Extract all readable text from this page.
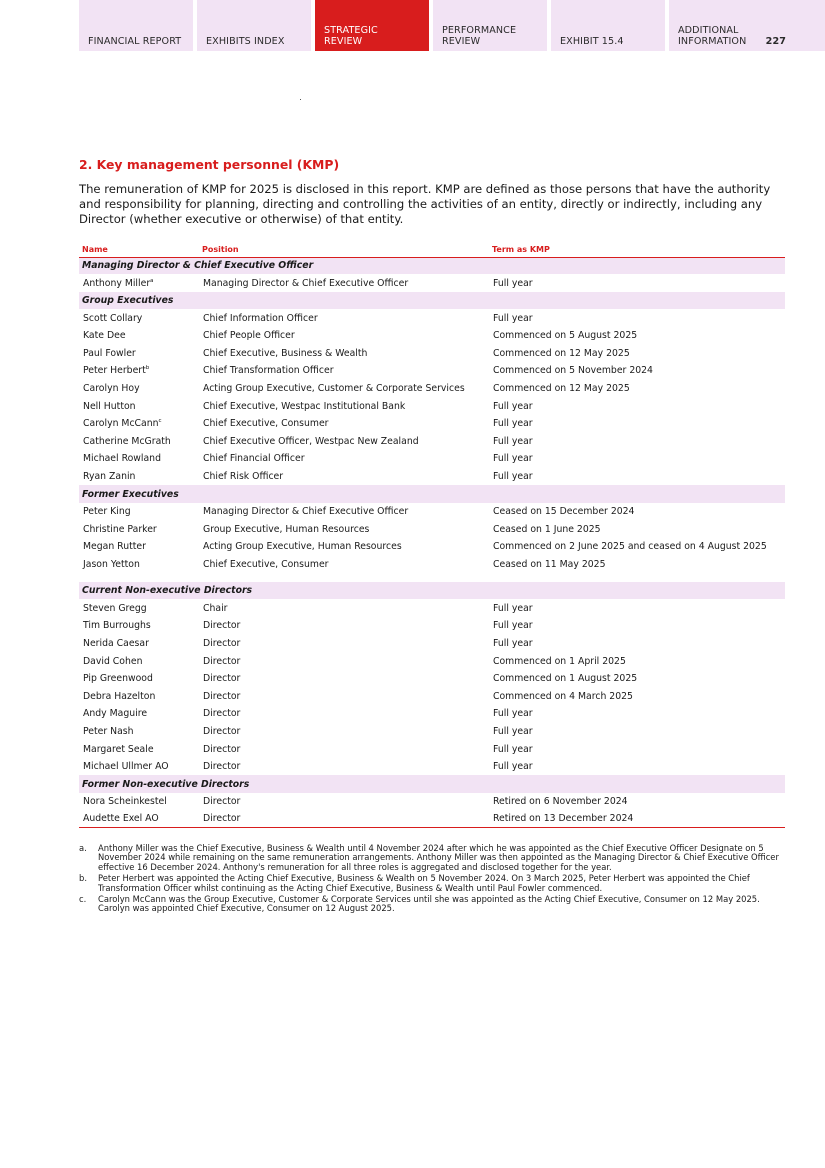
FINANCIAL REPORT	EXHIBITS INDEX
STRATEGIC
REVIEW
PERFORMANCE
REVIEW	EXHIBIT 15.4
ADDITIONAL
INFORMATION 227
2. Key management personnel (KMP)

The remuneration of KMP for 2025 is disclosed in this report. KMP are defined as those persons that have the authority and responsibility for planning, directing and controlling the activities of an entity, directly or indirectly, including any Director (whether executive or otherwise) of that entity.

Name	Position	Term as KMP
Managing Director & Chief Executive Officer		
Anthony Miller$^a$	Managing Director & Chief Executive Officer	Full year
Group Executives		
Scott Collary	Chief Information Officer	Full year
Kate Dee	Chief People Officer	Commenced on 5 August 2025
Paul Fowler	Chief Executive, Business & Wealth	Commenced on 12 May 2025
Peter Herbert$^b$	Chief Transformation Officer	Commenced on 5 November 2024
Carolyn Hoy	Acting Group Executive, Customer & Corporate Services	Commenced on 12 May 2025
Nell Hutton	Chief Executive, Westpac Institutional Bank	Full year
Carolyn McCann$^c$	Chief Executive, Consumer	Full year
Catherine McGrath	Chief Executive Officer, Westpac New Zealand	Full year
Michael Rowland	Chief Financial Officer	Full year
Ryan Zanin	Chief Risk Officer	Full year
Former Executives		
Peter King	Managing Director & Chief Executive Officer	Ceased on 15 December 2024
Christine Parker	Group Executive, Human Resources	Ceased on 1 June 2025
Megan Rutter	Acting Group Executive, Human Resources	Commenced on 2 June 2025 and ceased on 4 August 2025
Jason Yetton	Chief Executive, Consumer	Ceased on 11 May 2025

Current Non-executive Directors		
Steven Gregg	Chair	Full year
Tim Burroughs	Director	Full year
Nerida Caesar	Director	Full year
David Cohen	Director	Commenced on 1 April 2025
Pip Greenwood	Director	Commenced on 1 August 2025
Debra Hazelton	Director	Commenced on 4 March 2025
Andy Maguire	Director	Full year
Peter Nash	Director	Full year
Margaret Seale	Director	Full year
Michael Ullmer AO	Director	Full year
Former Non-executive Directors		
Nora Scheinkestel	Director	Retired on 6 November 2024
Audette Exel AO	Director	Retired on 13 December 2024
a.	Anthony Miller was the Chief Executive, Business & Wealth until 4 November 2024 after which he was appointed as the Chief Executive Officer Designate on 5 November 2024 while remaining on the same remuneration arrangements. Anthony Miller was then appointed as the Managing Director & Chief Executive Officer effective 16 December 2024. Anthony's remuneration for all three roles is aggregated and disclosed together for the year.
b.	Peter Herbert was appointed the Acting Chief Executive, Business & Wealth on 5 November 2024. On 3 March 2025, Peter Herbert was appointed the Chief Transformation Officer whilst continuing as the Acting Chief Executive, Business & Wealth until Paul Fowler commenced.
c.	Carolyn McCann was the Group Executive, Customer & Corporate Services until she was appointed as the Acting Chief Executive, Consumer on 12 May 2025. Carolyn was appointed Chief Executive, Consumer on 12 August 2025.
